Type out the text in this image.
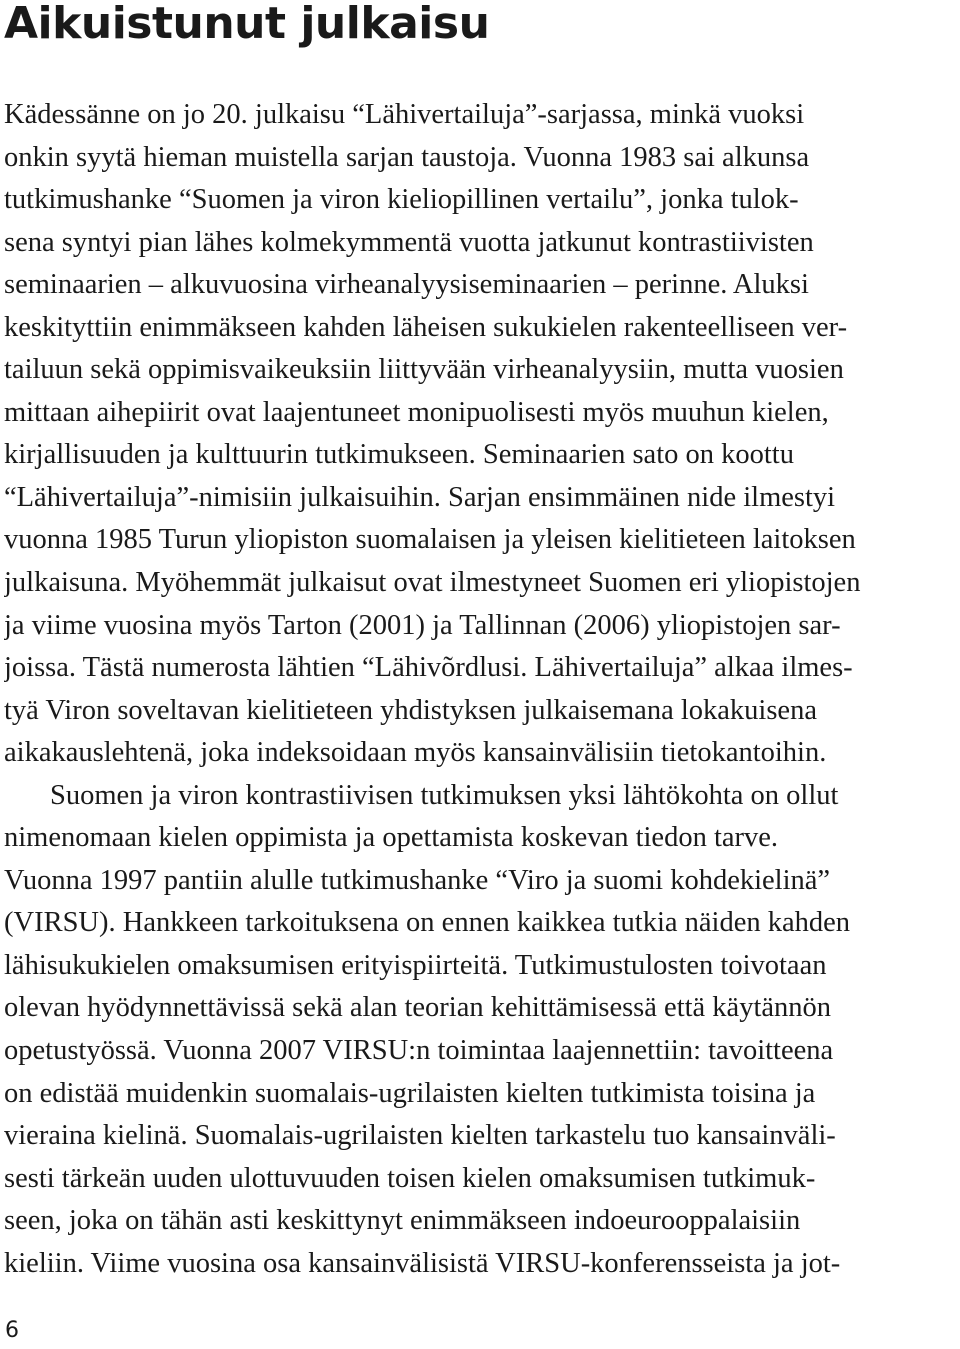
Aikuistunut julkaisu
Kädessänne on jo 20. julkaisu “Lähivertailuja”-sarjassa, minkä vuoksi
onkin syytä hieman muistella sarjan taustoja. Vuonna 1983 sai alkunsa
tutkimushanke “Suomen ja viron kieliopillinen vertailu”, jonka tulok-
sena syntyi pian lähes kolmekymmentä vuotta jatkunut kontrastiivisten
seminaarien – alkuvuosina virheanalyysiseminaarien – perinne. Aluksi
keskityttiin enimmäkseen kahden läheisen sukukielen rakenteelliseen ver-
tailuun sekä oppimisvaikeuksiin liittyvään virheanalyysiin, mutta vuosien
mittaan aihepiirit ovat laajentuneet monipuolisesti myös muuhun kielen,
kirjallisuuden ja kulttuurin tutkimukseen. Seminaarien sato on koottu
“Lähivertailuja”-nimisiin julkaisuihin. Sarjan ensimmäinen nide ilmestyi
vuonna 1985 Turun yliopiston suomalaisen ja yleisen kielitieteen laitoksen
julkaisuna. Myöhemmät julkaisut ovat ilmestyneet Suomen eri yliopistojen
ja viime vuosina myös Tarton (2001) ja Tallinnan (2006) yliopistojen sar-
joissa. Tästä numerosta lähtien “Lähivõrdlusi. Lähivertailuja” alkaa ilmes-
tyä Viron soveltavan kielitieteen yhdistyksen julkaisemana lokakuisena
aikakauslehtenä, joka indeksoidaan myös kansainvälisiin tietokantoihin.
Suomen ja viron kontrastiivisen tutkimuksen yksi lähtökohta on ollut
nimenomaan kielen oppimista ja opettamista koskevan tiedon tarve.
Vuonna 1997 pantiin alulle tutkimushanke “Viro ja suomi kohdekielinä”
(VIRSU). Hankkeen tarkoituksena on ennen kaikkea tutkia näiden kahden
lähisukukielen omaksumisen erityispiirteitä. Tutkimustulosten toivotaan
olevan hyödynnettävissä sekä alan teorian kehittämisessä että käytännön
opetustyössä. Vuonna 2007 VIRSU:n toimintaa laajennettiin: tavoitteena
on edistää muidenkin suomalais-ugrilaisten kielten tutkimista toisina ja
vieraina kielinä. Suomalais-ugrilaisten kielten tarkastelu tuo kansainväli-
sesti tärkeän uuden ulottuvuuden toisen kielen omaksumisen tutkimuk-
seen, joka on tähän asti keskittynyt enimmäkseen indoeurooppalaisiin
kieliin. Viime vuosina osa kansainvälisistä VIRSU-konferensseista ja jot-
6
